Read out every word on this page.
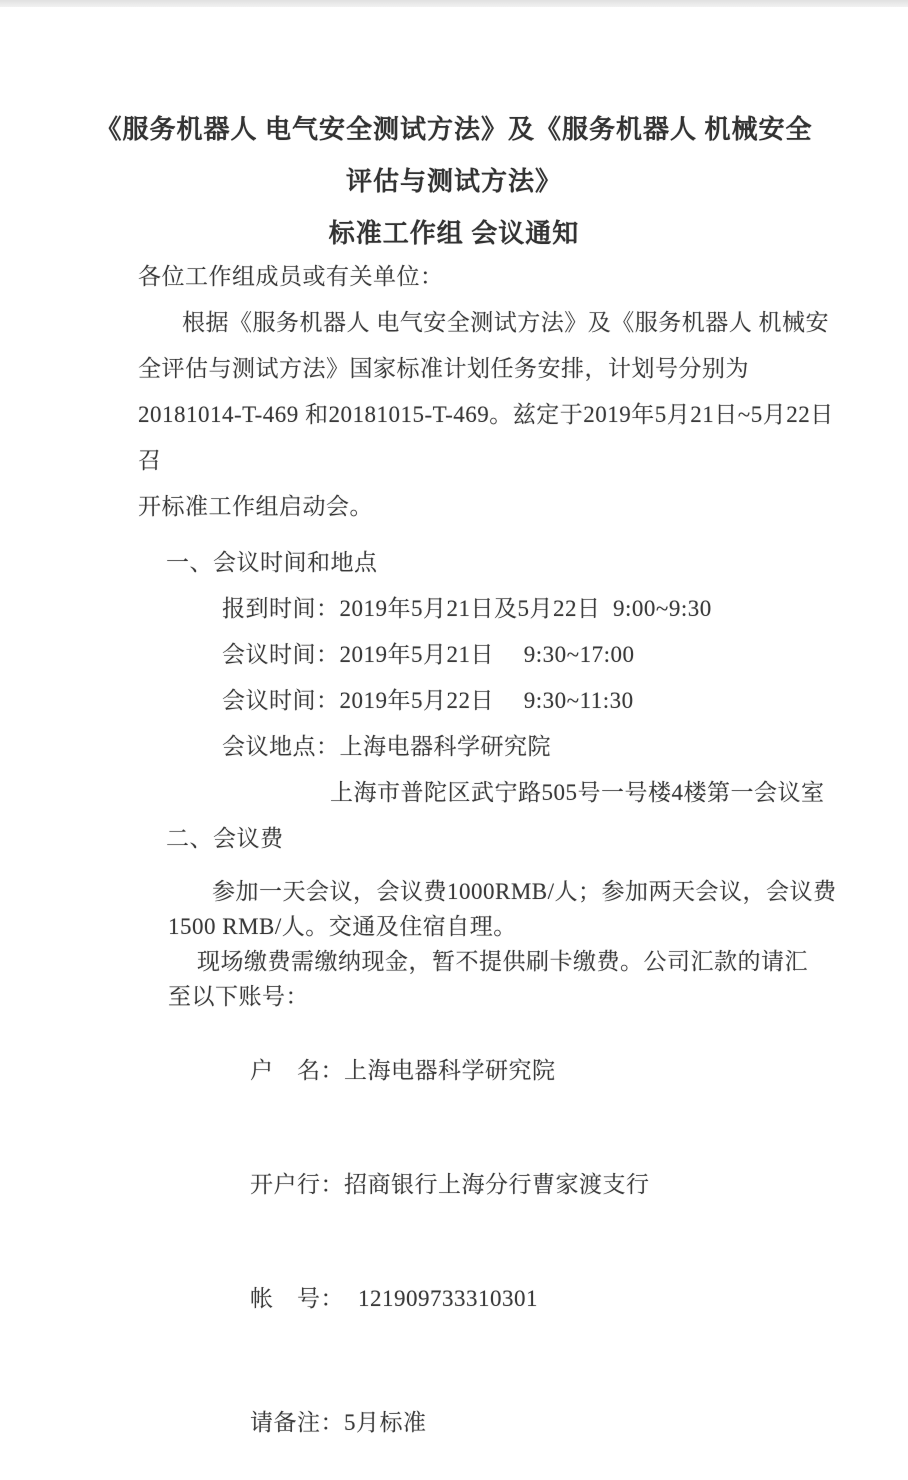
《服务机器人 电气安全测试方法》及《服务机器人 机械安全
评估与测试方法》
标准工作组 会议通知
各位工作组成员或有关单位：
根据《服务机器人 电气安全测试方法》及《服务机器人 机械安
全评估与测试方法》国家标准计划任务安排，计划号分别为
20181014-T-469 和20181015-T-469。兹定于2019年5月21日~5月22日召
开标准工作组启动会。
一、会议时间和地点
报到时间：2019年5月21日及5月22日  9:00~9:30
会议时间：2019年5月21日　 9:30~17:00
会议时间：2019年5月22日　 9:30~11:30
会议地点：上海电器科学研究院
上海市普陀区武宁路505号一号楼4楼第一会议室
二、会议费
参加一天会议，会议费1000RMB/人；参加两天会议，会议费
1500 RMB/人。交通及住宿自理。
现场缴费需缴纳现金，暂不提供刷卡缴费。公司汇款的请汇
至以下账号：

户　名：上海电器科学研究院

开户行：招商银行上海分行曹家渡支行

帐　号： 121909733310301

请备注：5月标准
